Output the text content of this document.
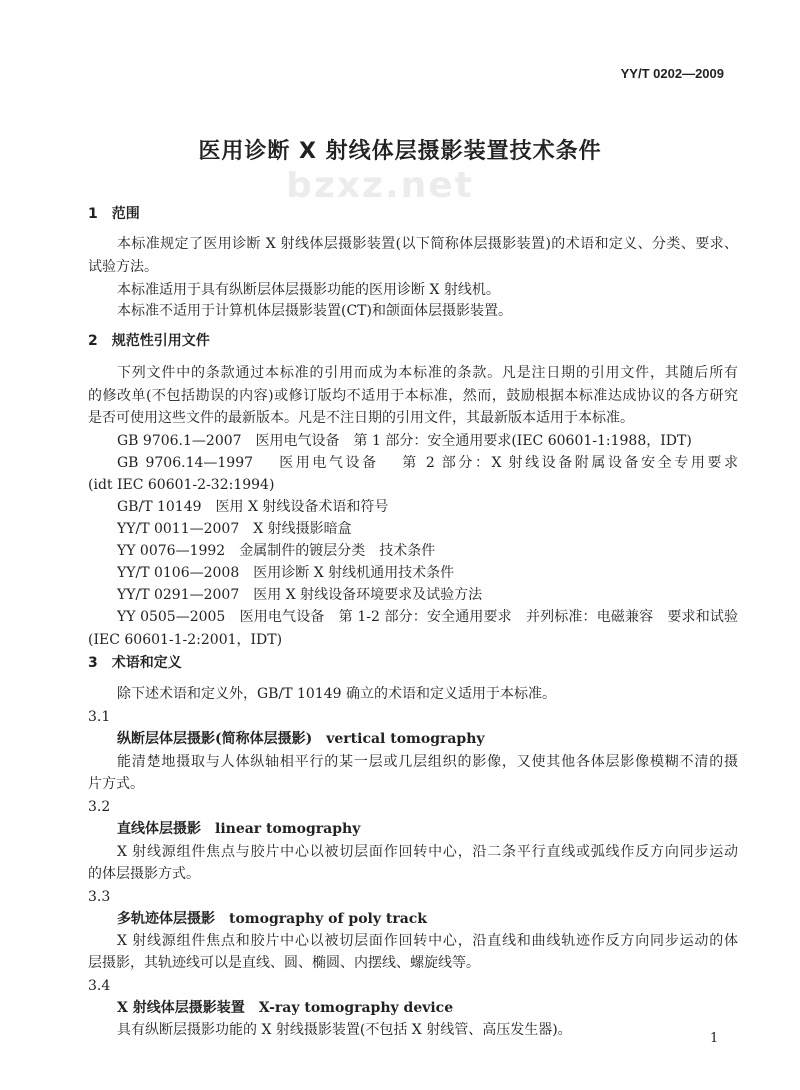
bzxz.net
YY/T 0202—2009
医用诊断 X 射线体层摄影装置技术条件
1　范围
本标准规定了医用诊断 X 射线体层摄影装置(以下简称体层摄影装置)的术语和定义、分类、要求、
试验方法。
本标准适用于具有纵断层体层摄影功能的医用诊断 X 射线机。
本标准不适用于计算机体层摄影装置(CT)和颌面体层摄影装置。
2　规范性引用文件
下列文件中的条款通过本标准的引用而成为本标准的条款。凡是注日期的引用文件，其随后所有
的修改单(不包括勘误的内容)或修订版均不适用于本标准，然而，鼓励根据本标准达成协议的各方研究
是否可使用这些文件的最新版本。凡是不注日期的引用文件，其最新版本适用于本标准。
GB 9706.1—2007　医用电气设备　第 1 部分：安全通用要求(IEC 60601-1:1988，IDT)
GB 9706.14—1997　 医用电气设备　 第 2 部分：X 射线设备附属设备安全专用要求
(idt IEC 60601-2-32:1994)
GB/T 10149　医用 X 射线设备术语和符号
YY/T 0011—2007　X 射线摄影暗盒
YY 0076—1992　金属制件的镀层分类　技术条件
YY/T 0106—2008　医用诊断 X 射线机通用技术条件
YY/T 0291—2007　医用 X 射线设备环境要求及试验方法
YY 0505—2005　医用电气设备　第 1-2 部分：安全通用要求　并列标准：电磁兼容　要求和试验
(IEC 60601-1-2:2001，IDT)
3　术语和定义
除下述术语和定义外，GB/T 10149 确立的术语和定义适用于本标准。
3.1
纵断层体层摄影(简称体层摄影)　vertical tomography
能清楚地摄取与人体纵轴相平行的某一层或几层组织的影像，又使其他各体层影像模糊不清的摄
片方式。
3.2
直线体层摄影　linear tomography
X 射线源组件焦点与胶片中心以被切层面作回转中心，沿二条平行直线或弧线作反方向同步运动
的体层摄影方式。
3.3
多轨迹体层摄影　tomography of poly track
X 射线源组件焦点和胶片中心以被切层面作回转中心，沿直线和曲线轨迹作反方向同步运动的体
层摄影，其轨迹线可以是直线、圆、椭圆、内摆线、螺旋线等。
3.4
X 射线体层摄影装置　X-ray tomography device
具有纵断层摄影功能的 X 射线摄影装置(不包括 X 射线管、高压发生器)。
1
